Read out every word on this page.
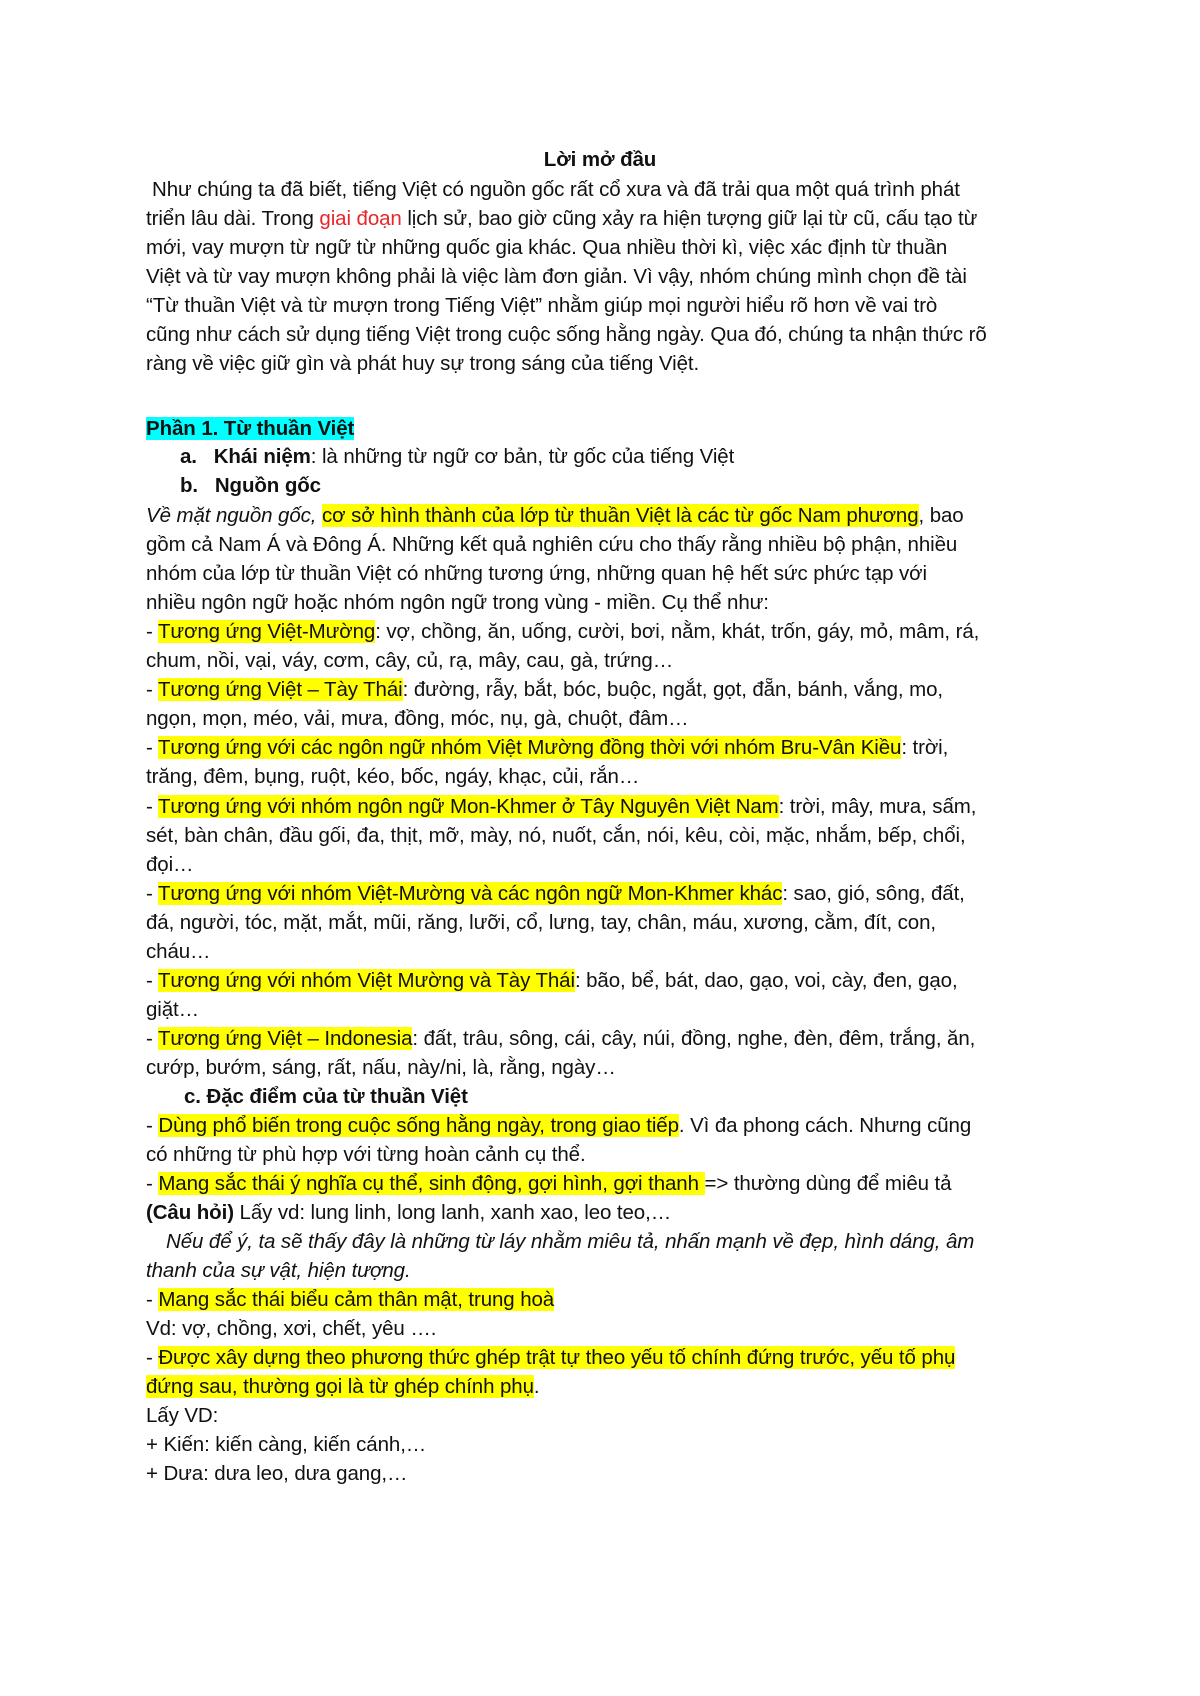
Lời mở đầu
Như chúng ta đã biết, tiếng Việt có nguồn gốc rất cổ xưa và đã trải qua một quá trình phát
triển lâu dài. Trong giai đoạn lịch sử, bao giờ cũng xảy ra hiện tượng giữ lại từ cũ, cấu tạo từ
mới, vay mượn từ ngữ từ những quốc gia khác. Qua nhiều thời kì, việc xác định từ thuần
Việt và từ vay mượn không phải là việc làm đơn giản. Vì vậy, nhóm chúng mình chọn đề tài
“Từ thuần Việt và từ mượn trong Tiếng Việt” nhằm giúp mọi người hiểu rõ hơn về vai trò
cũng như cách sử dụng tiếng Việt trong cuộc sống hằng ngày. Qua đó, chúng ta nhận thức rõ
ràng về việc giữ gìn và phát huy sự trong sáng của tiếng Việt.
Phần 1. Từ thuần Việt
a. Khái niệm: là những từ ngữ cơ bản, từ gốc của tiếng Việt
b. Nguồn gốc
Về mặt nguồn gốc, cơ sở hình thành của lớp từ thuần Việt là các từ gốc Nam phương, bao
gồm cả Nam Á và Đông Á. Những kết quả nghiên cứu cho thấy rằng nhiều bộ phận, nhiều
nhóm của lớp từ thuần Việt có những tương ứng, những quan hệ hết sức phức tạp với
nhiều ngôn ngữ hoặc nhóm ngôn ngữ trong vùng - miền. Cụ thể như:
- Tương ứng Việt-Mường: vợ, chồng, ăn, uống, cười, bơi, nằm, khát, trốn, gáy, mỏ, mâm, rá,
chum, nồi, vại, váy, cơm, cây, củ, rạ, mây, cau, gà, trứng…
- Tương ứng Việt – Tày Thái: đường, rẫy, bắt, bóc, buộc, ngắt, gọt, đẵn, bánh, vắng, mo,
ngọn, mọn, méo, vải, mưa, đồng, móc, nụ, gà, chuột, đâm…
- Tương ứng với các ngôn ngữ nhóm Việt Mường đồng thời với nhóm Bru-Vân Kiều: trời,
trăng, đêm, bụng, ruột, kéo, bốc, ngáy, khạc, củi, rắn…
- Tương ứng với nhóm ngôn ngữ Mon-Khmer ở Tây Nguyên Việt Nam: trời, mây, mưa, sấm,
sét, bàn chân, đầu gối, đa, thịt, mỡ, mày, nó, nuốt, cắn, nói, kêu, còi, mặc, nhắm, bếp, chổi,
đọi…
- Tương ứng với nhóm Việt-Mường và các ngôn ngữ Mon-Khmer khác: sao, gió, sông, đất,
đá, người, tóc, mặt, mắt, mũi, răng, lưỡi, cổ, lưng, tay, chân, máu, xương, cằm, đít, con,
cháu…
- Tương ứng với nhóm Việt Mường và Tày Thái: bão, bể, bát, dao, gạo, voi, cày, đen, gạo,
giặt…
- Tương ứng Việt – Indonesia: đất, trâu, sông, cái, cây, núi, đồng, nghe, đèn, đêm, trắng, ăn,
cướp, bướm, sáng, rất, nấu, này/ni, là, rằng, ngày…
c. Đặc điểm của từ thuần Việt
- Dùng phổ biến trong cuộc sống hằng ngày, trong giao tiếp. Vì đa phong cách. Nhưng cũng
có những từ phù hợp với từng hoàn cảnh cụ thể.
- Mang sắc thái ý nghĩa cụ thể, sinh động, gợi hình, gợi thanh => thường dùng để miêu tả
(Câu hỏi) Lấy vd: lung linh, long lanh, xanh xao, leo teo,…
Nếu để ý, ta sẽ thấy đây là những từ láy nhằm miêu tả, nhấn mạnh về đẹp, hình dáng, âm
thanh của sự vật, hiện tượng.
- Mang sắc thái biểu cảm thân mật, trung hoà
Vd: vợ, chồng, xơi, chết, yêu ….
- Được xây dựng theo phương thức ghép trật tự theo yếu tố chính đứng trước, yếu tố phụ
đứng sau, thường gọi là từ ghép chính phụ.
Lấy VD:
+ Kiến: kiến càng, kiến cánh,…
+ Dưa: dưa leo, dưa gang,…
